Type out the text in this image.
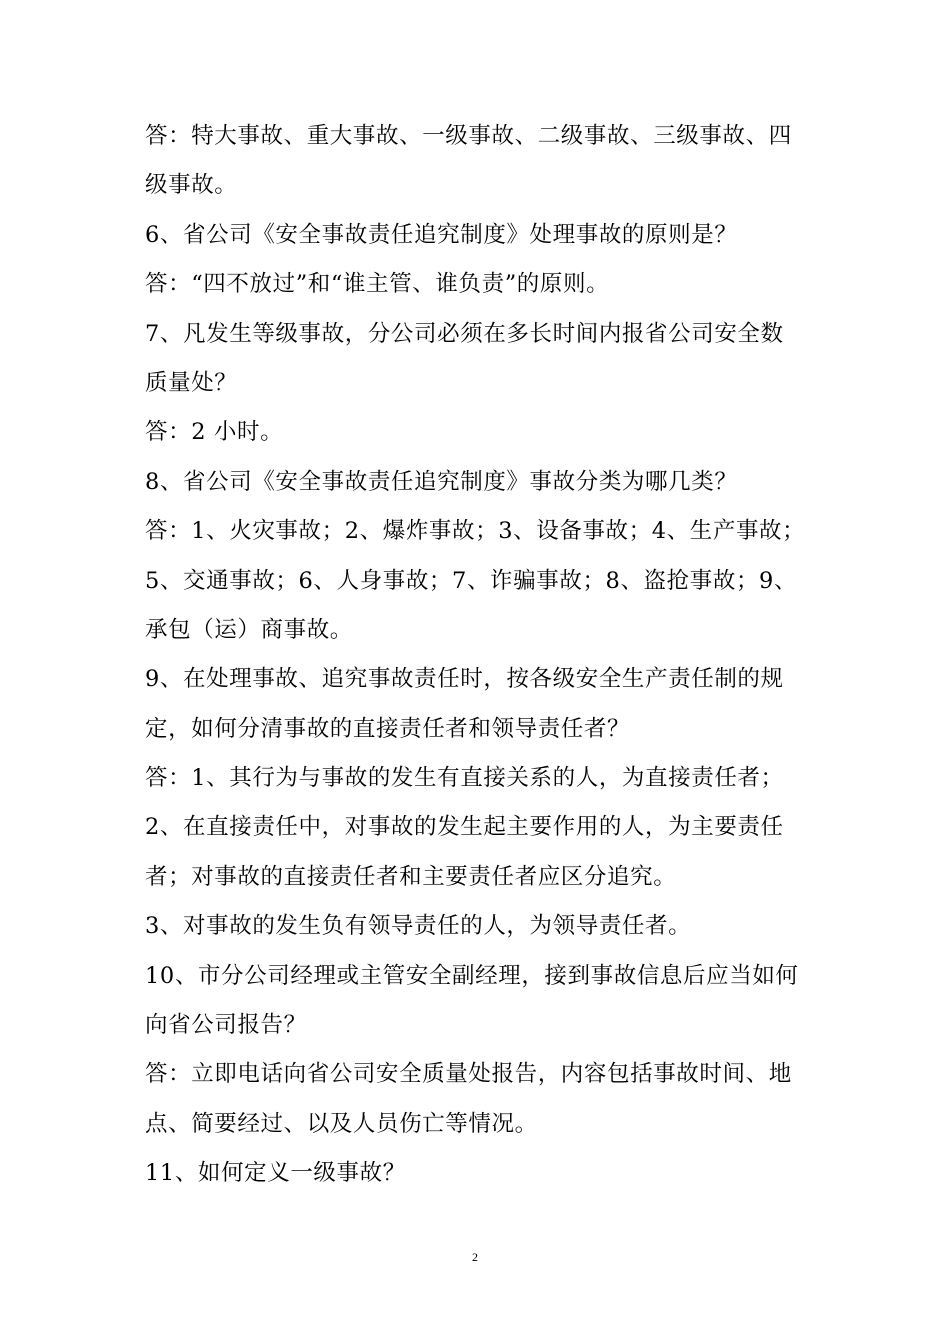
答：特大事故、重大事故、一级事故、二级事故、三级事故、四
级事故。
6、省公司《安全事故责任追究制度》处理事故的原则是？
答：“四不放过”和“谁主管、谁负责”的原则。
7、凡发生等级事故，分公司必须在多长时间内报省公司安全数
质量处？
答：2 小时。
8、省公司《安全事故责任追究制度》事故分类为哪几类？
答：1、火灾事故；2、爆炸事故；3、设备事故；4、生产事故；
5、交通事故；6、人身事故；7、诈骗事故；8、盗抢事故；9、
承包（运）商事故。
9、在处理事故、追究事故责任时，按各级安全生产责任制的规
定，如何分清事故的直接责任者和领导责任者？
答：1、其行为与事故的发生有直接关系的人，为直接责任者；
2、在直接责任中，对事故的发生起主要作用的人，为主要责任
者；对事故的直接责任者和主要责任者应区分追究。
3、对事故的发生负有领导责任的人，为领导责任者。
10、市分公司经理或主管安全副经理，接到事故信息后应当如何
向省公司报告？
答：立即电话向省公司安全质量处报告，内容包括事故时间、地
点、简要经过、以及人员伤亡等情况。
11、如何定义一级事故？
2
